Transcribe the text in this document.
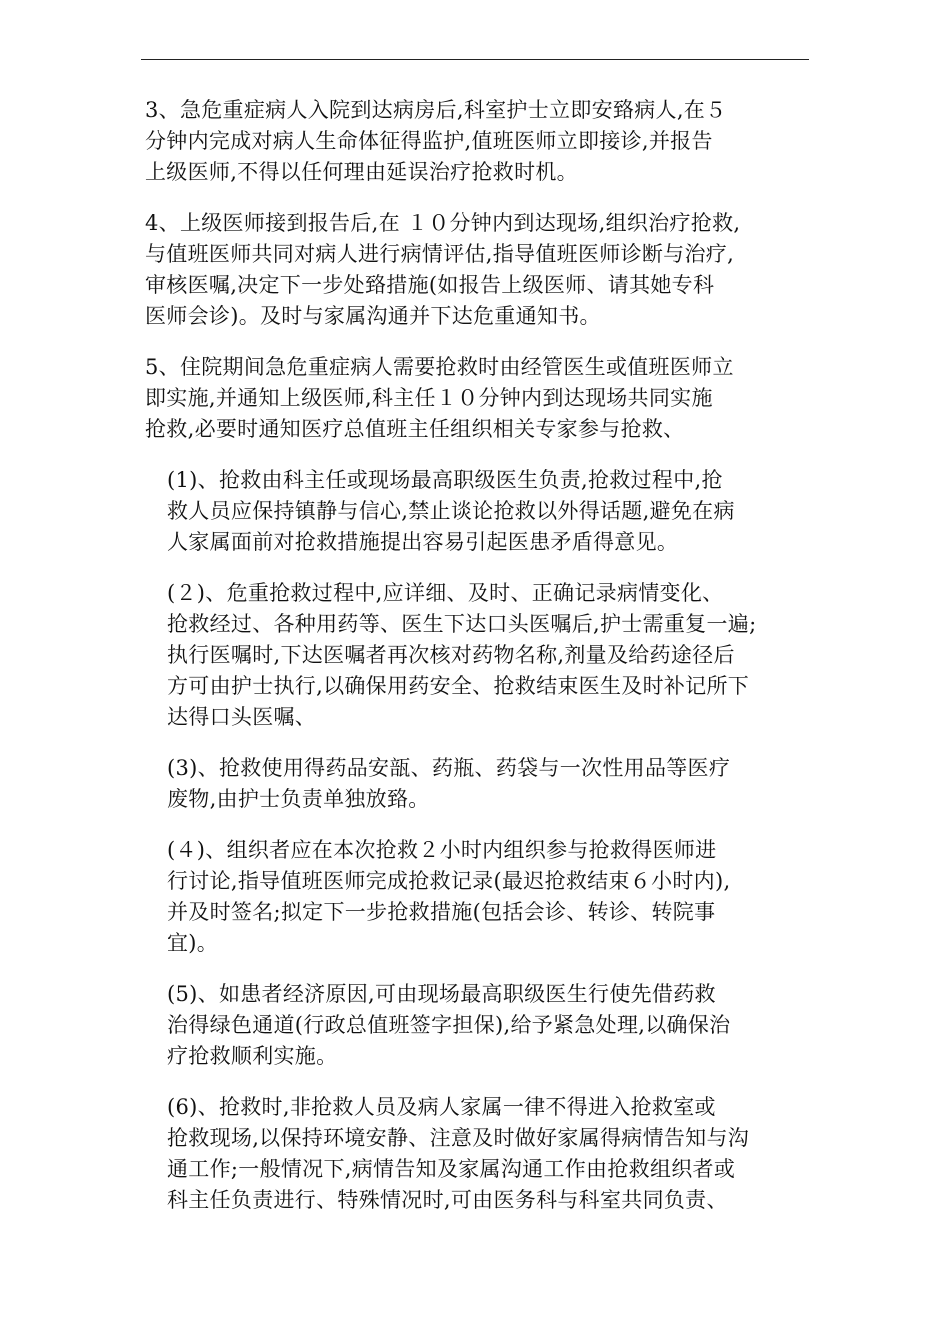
3、急危重症病人入院到达病房后,科室护士立即安臵病人,在５
分钟内完成对病人生命体征得监护,值班医师立即接诊,并报告
上级医师,不得以任何理由延误治疗抢救时机。

4、上级医师接到报告后,在 １０分钟内到达现场,组织治疗抢救,
与值班医师共同对病人进行病情评估,指导值班医师诊断与治疗,
审核医嘱,决定下一步处臵措施(如报告上级医师、请其她专科
医师会诊)。及时与家属沟通并下达危重通知书。

5、住院期间急危重症病人需要抢救时由经管医生或值班医师立
即实施,并通知上级医师,科主任１０分钟内到达现场共同实施
抢救,必要时通知医疗总值班主任组织相关专家参与抢救、

(1)、抢救由科主任或现场最高职级医生负责,抢救过程中,抢
救人员应保持镇静与信心,禁止谈论抢救以外得话题,避免在病
人家属面前对抢救措施提出容易引起医患矛盾得意见。

(２)、危重抢救过程中,应详细、及时、正确记录病情变化、
抢救经过、各种用药等、医生下达口头医嘱后,护士需重复一遍;
执行医嘱时,下达医嘱者再次核对药物名称,剂量及给药途径后
方可由护士执行,以确保用药安全、抢救结束医生及时补记所下
达得口头医嘱、

(3)、抢救使用得药品安瓿、药瓶、药袋与一次性用品等医疗
废物,由护士负责单独放臵。

(４)、组织者应在本次抢救２小时内组织参与抢救得医师进
行讨论,指导值班医师完成抢救记录(最迟抢救结束６小时内),
并及时签名;拟定下一步抢救措施(包括会诊、转诊、转院事
宜)。

(5)、如患者经济原因,可由现场最高职级医生行使先借药救
治得绿色通道(行政总值班签字担保),给予紧急处理,以确保治
疗抢救顺利实施。

(6)、抢救时,非抢救人员及病人家属一律不得进入抢救室或
抢救现场,以保持环境安静、注意及时做好家属得病情告知与沟
通工作;一般情况下,病情告知及家属沟通工作由抢救组织者或
科主任负责进行、特殊情况时,可由医务科与科室共同负责、
